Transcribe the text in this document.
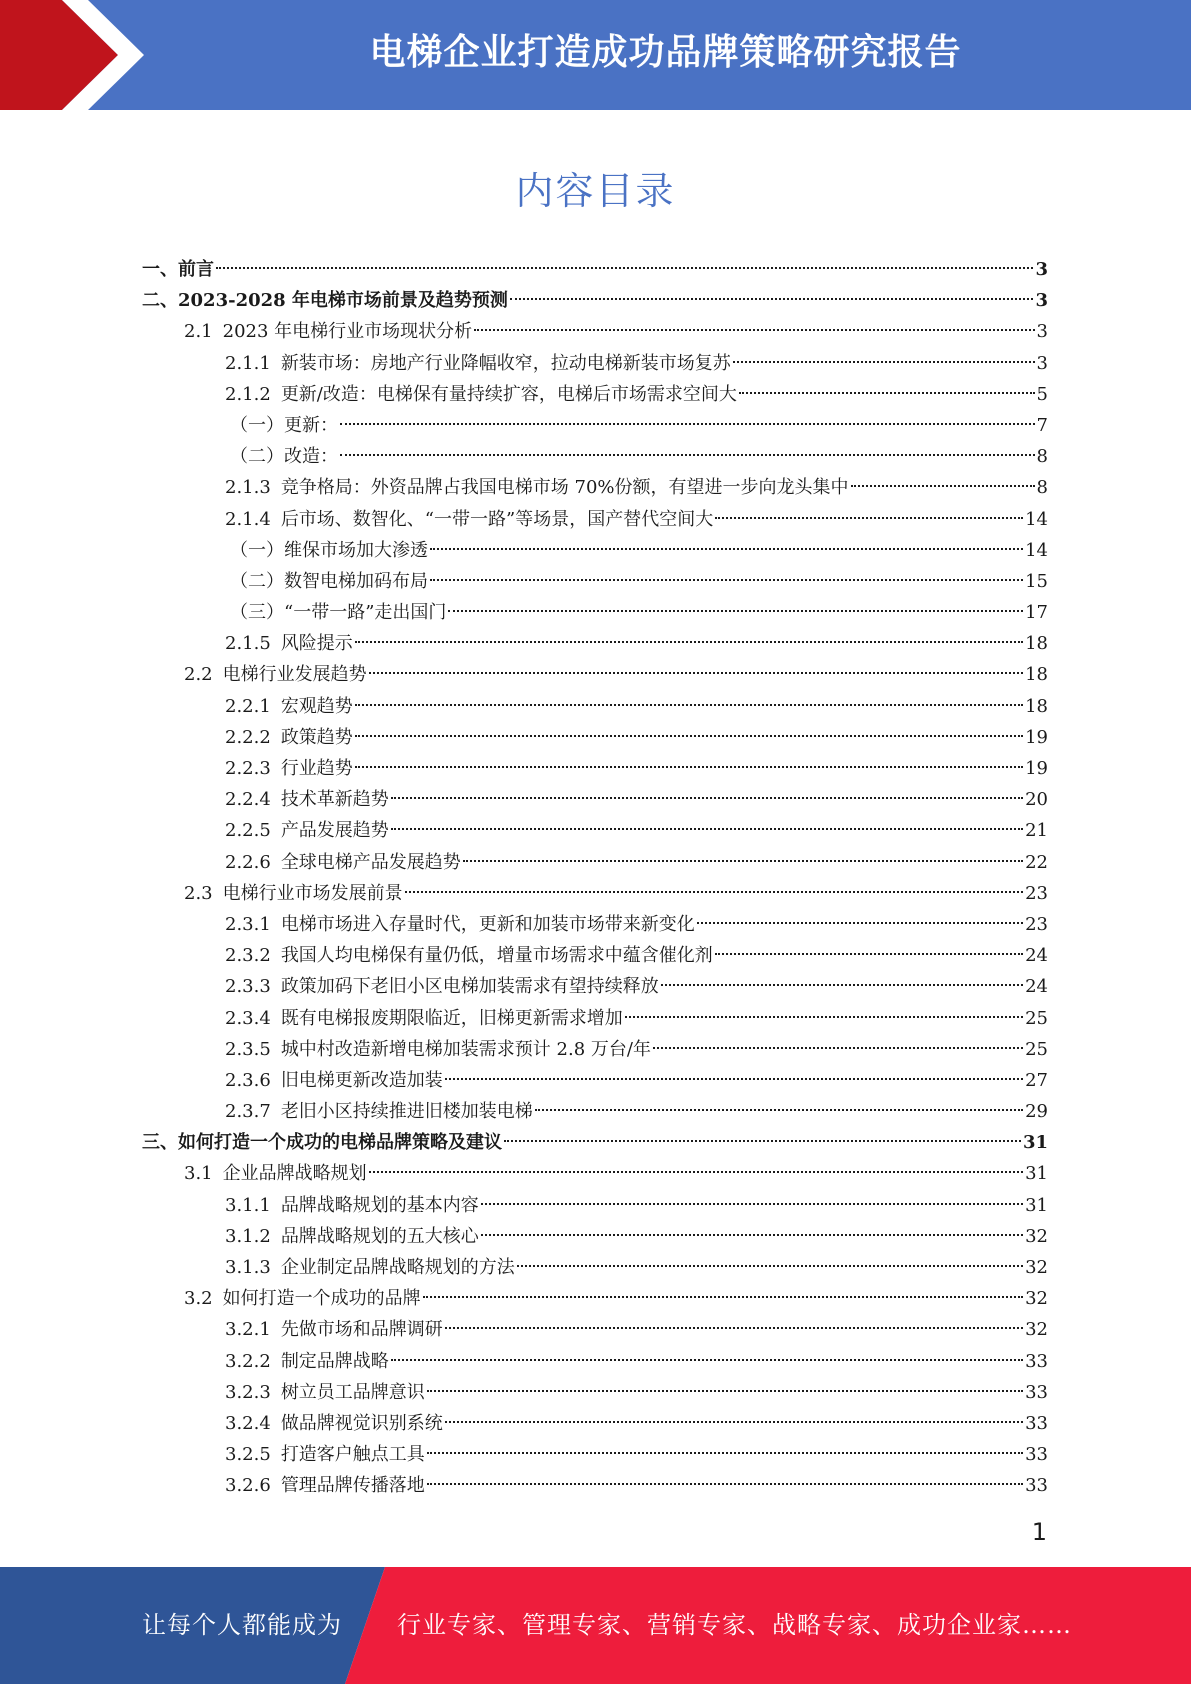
电梯企业打造成功品牌策略研究报告
内容目录
一、前言	3
二、2023-2028 年电梯市场前景及趋势预测	3
2.1 2023 年电梯行业市场现状分析	3
2.1.1 新装市场：房地产行业降幅收窄，拉动电梯新装市场复苏	3
2.1.2 更新/改造：电梯保有量持续扩容，电梯后市场需求空间大	5
（一）更新：	7
（二）改造：	8
2.1.3 竞争格局：外资品牌占我国电梯市场 70%份额，有望进一步向龙头集中	8
2.1.4 后市场、数智化、“一带一路”等场景，国产替代空间大	14
（一）维保市场加大渗透	14
（二）数智电梯加码布局	15
（三）“一带一路”走出国门	17
2.1.5 风险提示	18
2.2 电梯行业发展趋势	18
2.2.1 宏观趋势	18
2.2.2 政策趋势	19
2.2.3 行业趋势	19
2.2.4 技术革新趋势	20
2.2.5 产品发展趋势	21
2.2.6 全球电梯产品发展趋势	22
2.3 电梯行业市场发展前景	23
2.3.1 电梯市场进入存量时代，更新和加装市场带来新变化	23
2.3.2 我国人均电梯保有量仍低，增量市场需求中蕴含催化剂	24
2.3.3 政策加码下老旧小区电梯加装需求有望持续释放	24
2.3.4 既有电梯报废期限临近，旧梯更新需求增加	25
2.3.5 城中村改造新增电梯加装需求预计 2.8 万台/年	25
2.3.6 旧电梯更新改造加装	27
2.3.7 老旧小区持续推进旧楼加装电梯	29
三、如何打造一个成功的电梯品牌策略及建议	31
3.1 企业品牌战略规划	31
3.1.1 品牌战略规划的基本内容	31
3.1.2 品牌战略规划的五大核心	32
3.1.3 企业制定品牌战略规划的方法	32
3.2 如何打造一个成功的品牌	32
3.2.1 先做市场和品牌调研	32
3.2.2 制定品牌战略	33
3.2.3 树立员工品牌意识	33
3.2.4 做品牌视觉识别系统	33
3.2.5 打造客户触点工具	33
3.2.6 管理品牌传播落地	33
1
让每个人都能成为 行业专家、管理专家、营销专家、战略专家、成功企业家……
